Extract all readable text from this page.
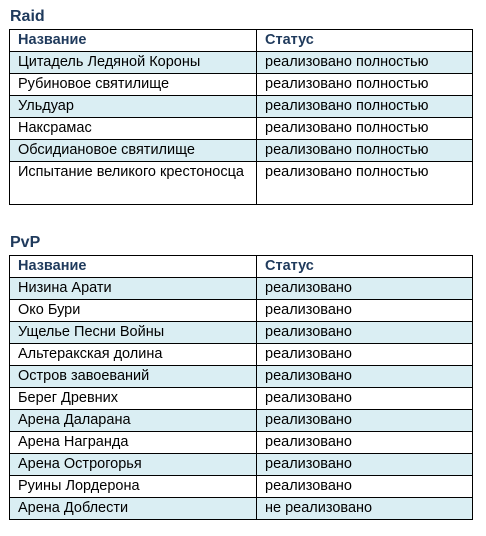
Raid
Название	Статус
Цитадель Ледяной Короны	реализовано полностью
Рубиновое святилище	реализовано полностью
Ульдуар	реализовано полностью
Наксрамас	реализовано полностью
Обсидиановое святилище	реализовано полностью
Испытание великого крестоносца	реализовано полностью
PvP
Название	Статус
Низина Арати	реализовано
Око Бури	реализовано
Ущелье Песни Войны	реализовано
Альтеракская долина	реализовано
Остров завоеваний	реализовано
Берег Древних	реализовано
Арена Даларана	реализовано
Арена Награнда	реализовано
Арена Острогорья	реализовано
Руины Лордерона	реализовано
Арена Доблести	не реализовано
